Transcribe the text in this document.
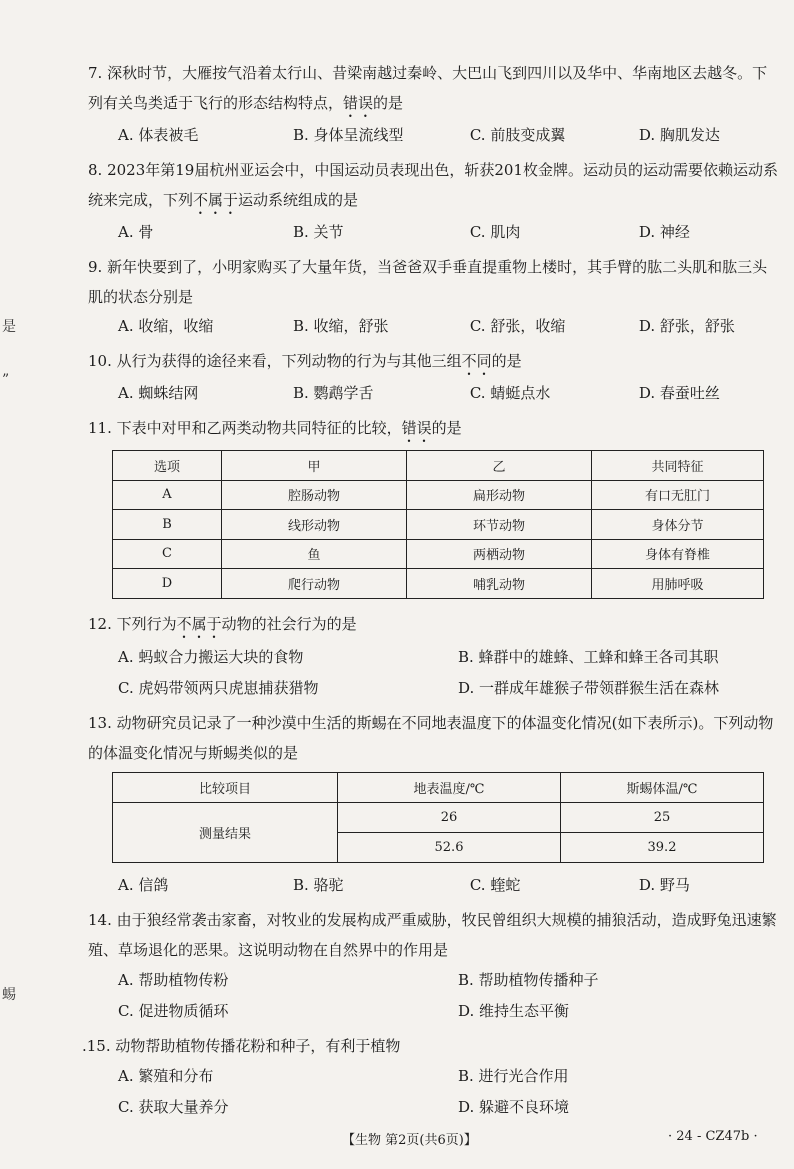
是
”
蜴

7. 深秋时节，大雁按气沿着太行山、昔梁南越过秦岭、大巴山飞到四川以及华中、华南地区去越冬。下列有关鸟类适于飞行的形态结构特点，错误的是

A. 体表被毛	B. 身体呈流线型	C. 前肢变成翼	D. 胸肌发达

8. 2023年第19届杭州亚运会中，中国运动员表现出色，斩获201枚金牌。运动员的运动需要依赖运动系统来完成，下列不属于运动系统组成的是

A. 骨	B. 关节	C. 肌肉	D. 神经

9. 新年快要到了，小明家购买了大量年货，当爸爸双手垂直提重物上楼时，其手臂的肱二头肌和肱三头肌的状态分别是

A. 收缩，收缩	B. 收缩，舒张	C. 舒张，收缩	D. 舒张，舒张

10. 从行为获得的途径来看，下列动物的行为与其他三组不同的是

A. 蜘蛛结网	B. 鹦鹉学舌	C. 蜻蜓点水	D. 春蚕吐丝

11. 下表中对甲和乙两类动物共同特征的比较，错误的是

选项	甲	乙	共同特征
A	腔肠动物	扁形动物	有口无肛门
B	线形动物	环节动物	身体分节
C	鱼	两栖动物	身体有脊椎
D	爬行动物	哺乳动物	用肺呼吸

12. 下列行为不属于动物的社会行为的是

A. 蚂蚁合力搬运大块的食物	B. 蜂群中的雄蜂、工蜂和蜂王各司其职
C. 虎妈带领两只虎崽捕获猎物	D. 一群成年雄猴子带领群猴生活在森林

13. 动物研究员记录了一种沙漠中生活的斯蜴在不同地表温度下的体温变化情况(如下表所示)。下列动物的体温变化情况与斯蜴类似的是

比较项目	地表温度/℃	斯蜴体温/℃
测量结果	26	25
	52.6	39.2
A. 信鸽	B. 骆驼	C. 蝰蛇	D. 野马

14. 由于狼经常袭击家畜，对牧业的发展构成严重威胁，牧民曾组织大规模的捕狼活动，造成野兔迅速繁殖、草场退化的恶果。这说明动物在自然界中的作用是

A. 帮助植物传粉	B. 帮助植物传播种子
C. 促进物质循环	D. 维持生态平衡

.15. 动物帮助植物传播花粉和种子，有利于植物

A. 繁殖和分布	B. 进行光合作用
C. 获取大量养分	D. 躲避不良环境
【生物 第2页(共6页)】	· 24 - CZ47b ·
